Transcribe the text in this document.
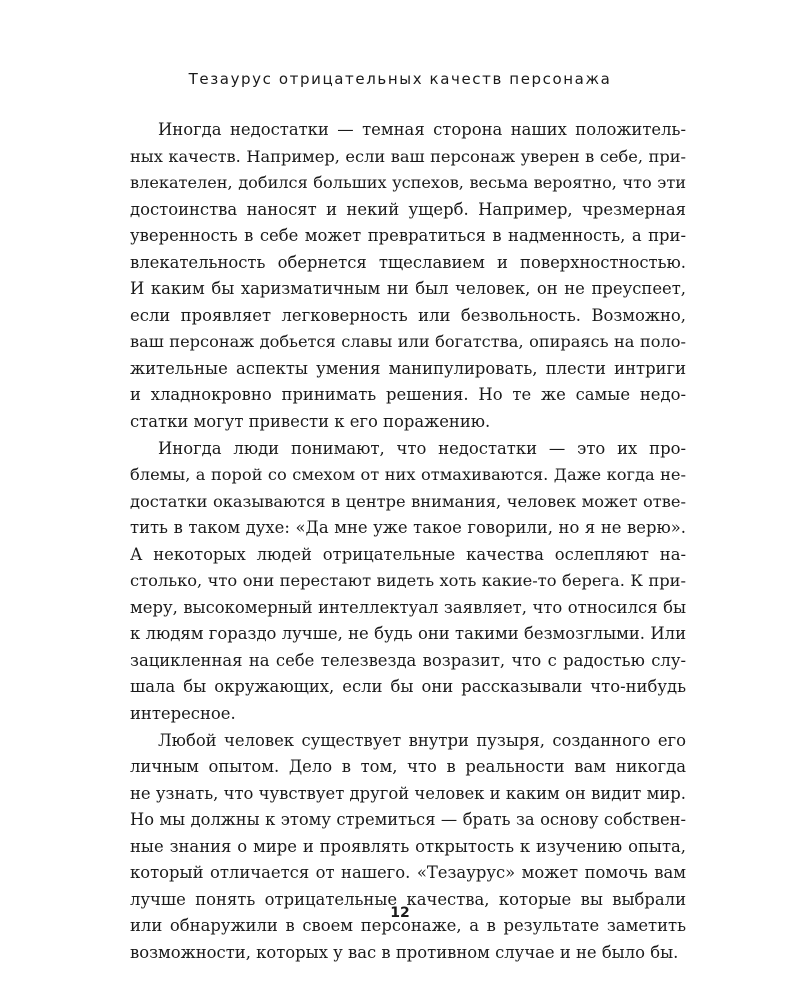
Тезаурус отрицательных качеств персонажа
Иногда недостатки — темная сторона наших положитель-
ных качеств. Например, если ваш персонаж уверен в себе, при-
влекателен, добился больших успехов, весьма вероятно, что эти
достоинства наносят и некий ущерб. Например, чрезмерная
уверенность в себе может превратиться в надменность, а при-
влекательность обернется тщеславием и поверхностностью.
И каким бы харизматичным ни был человек, он не преуспеет,
если проявляет легковерность или безвольность. Возможно,
ваш персонаж добьется славы или богатства, опираясь на поло-
жительные аспекты умения манипулировать, плести интриги
и хладнокровно принимать решения. Но те же самые недо-
статки могут привести к его поражению.
Иногда люди понимают, что недостатки — это их про-
блемы, а порой со смехом от них отмахиваются. Даже когда не-
достатки оказываются в центре внимания, человек может отве-
тить в таком духе: «Да мне уже такое говорили, но я не верю».
А некоторых людей отрицательные качества ослепляют на-
столько, что они перестают видеть хоть какие-то берега. К при-
меру, высокомерный интеллектуал заявляет, что относился бы
к людям гораздо лучше, не будь они такими безмозглыми. Или
зацикленная на себе телезвезда возразит, что с радостью слу-
шала бы окружающих, если бы они рассказывали что-нибудь
интересное.
Любой человек существует внутри пузыря, созданного его
личным опытом. Дело в том, что в реальности вам никогда
не узнать, что чувствует другой человек и каким он видит мир.
Но мы должны к этому стремиться — брать за основу собствен-
ные знания о мире и проявлять открытость к изучению опыта,
который отличается от нашего. «Тезаурус» может помочь вам
лучше понять отрицательные качества, которые вы выбрали
или обнаружили в своем персонаже, а в результате заметить
возможности, которых у вас в противном случае и не было бы.
12
